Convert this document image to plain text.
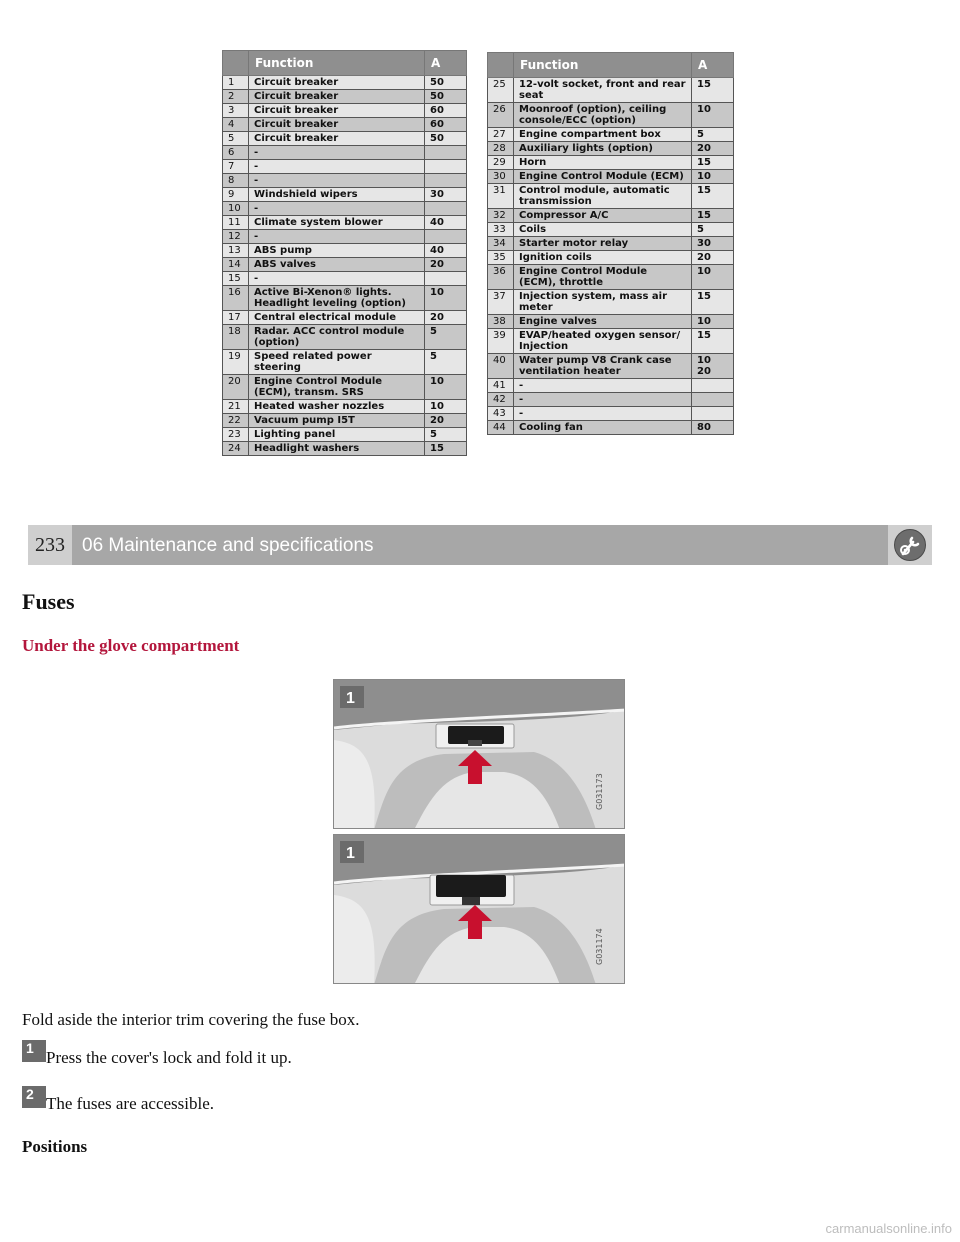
	Function	A
1	Circuit breaker	50
2	Circuit breaker	50
3	Circuit breaker	60
4	Circuit breaker	60
5	Circuit breaker	50
6	-	
7	-	
8	-	
9	Windshield wipers	30
10	-	
11	Climate system blower	40
12	-	
13	ABS pump	40
14	ABS valves	20
15	-	
16	Active Bi-Xenon® lights. Headlight leveling (option)	10
17	Central electrical module	20
18	Radar. ACC control module (option)	5
19	Speed related power steering	5
20	Engine Control Module (ECM), transm. SRS	10
21	Heated washer nozzles	10
22	Vacuum pump I5T	20
23	Lighting panel	5
24	Headlight washers	15
	Function	A
25	12-volt socket, front and rear seat	15
26	Moonroof (option), ceiling console/ECC (option)	10
27	Engine compartment box	5
28	Auxiliary lights (option)	20
29	Horn	15
30	Engine Control Module (ECM)	10
31	Control module, automatic transmission	15
32	Compressor A/C	15
33	Coils	5
34	Starter motor relay	30
35	Ignition coils	20
36	Engine Control Module (ECM), throttle	10
37	Injection system, mass air meter	15
38	Engine valves	10
39	EVAP/heated oxygen sensor/ Injection	15
40	Water pump V8 Crank case ventilation heater	10 20
41	-	
42	-	
43	-	
44	Cooling fan	80
233 06 Maintenance and specifications
Fuses
Under the glove compartment
G031173
1
G031174
1

Fold aside the interior trim covering the fuse box.

1 Press the cover's lock and fold it up.

2 The fuses are accessible.

Positions

carmanualsonline.info
